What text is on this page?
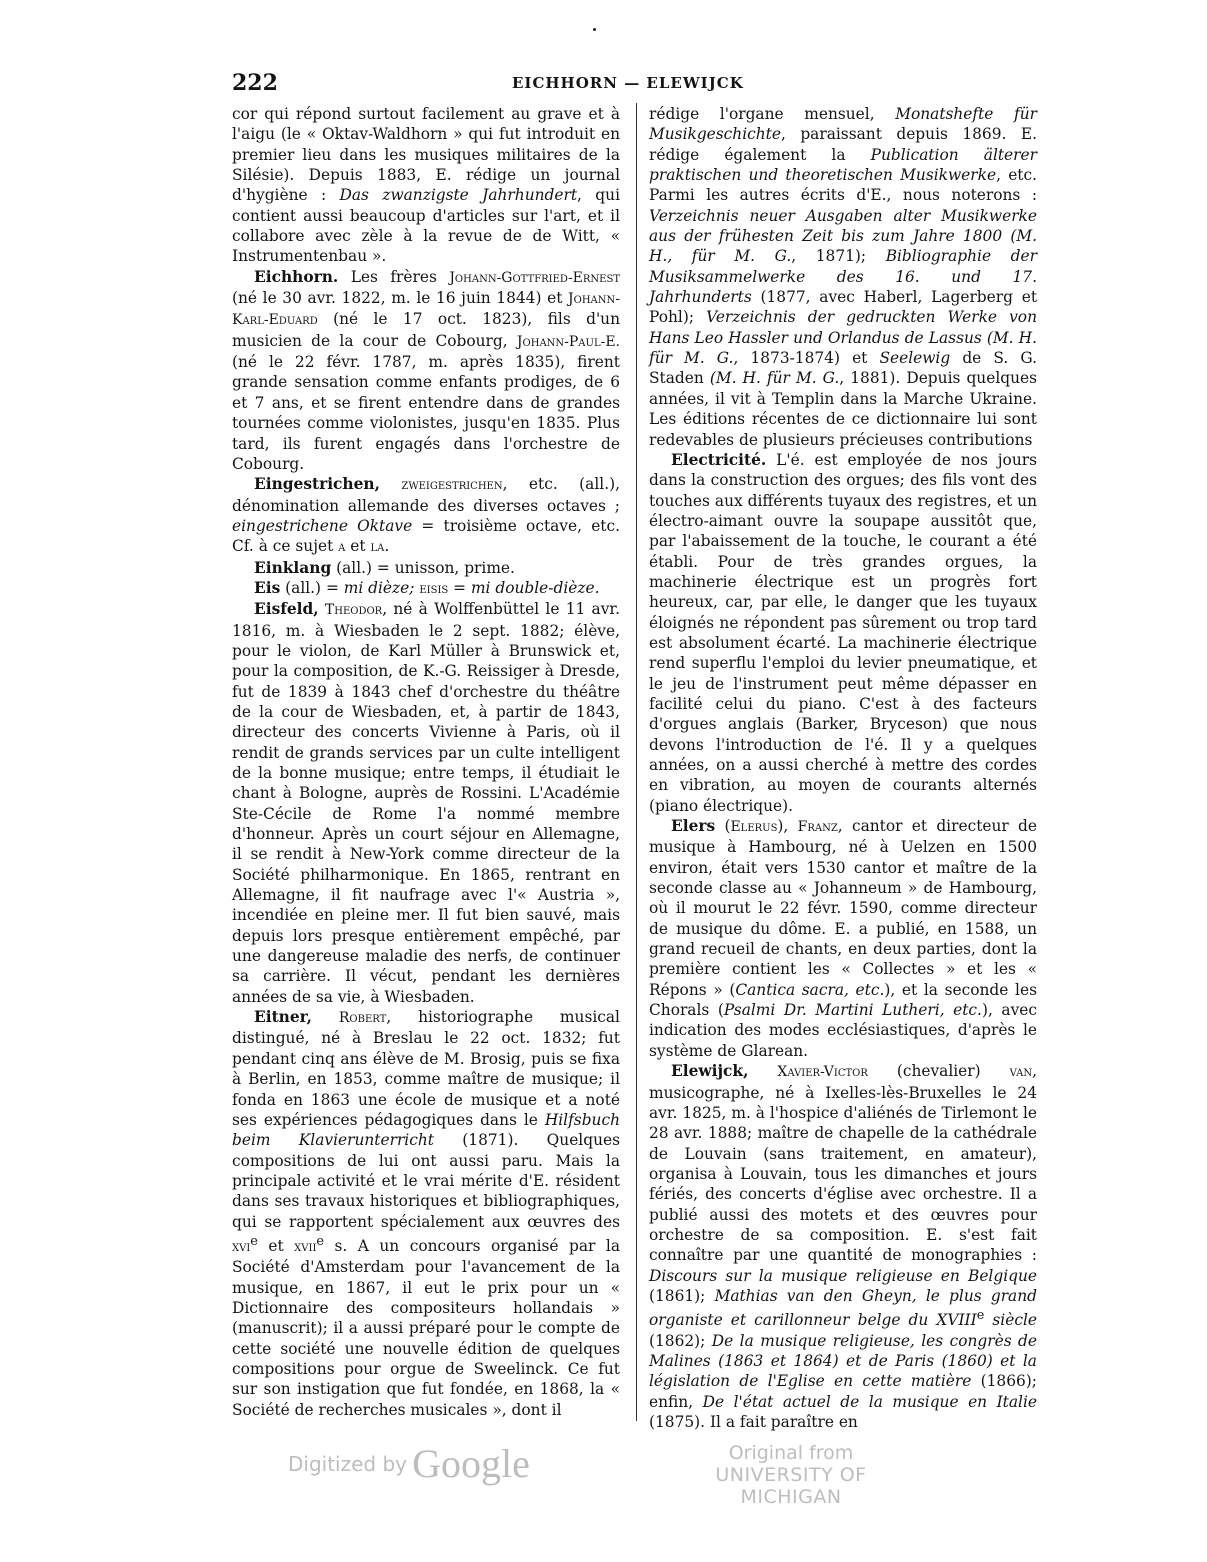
222	EICHHORN — ELEWIJCK

cor qui répond surtout facilement au grave et à l'aigu (le « Oktav-Waldhorn » qui fut introduit en premier lieu dans les musiques militaires de la Silésie). Depuis 1883, E. rédige un journal d'hygiène : Das zwanzigste Jahrhundert, qui contient aussi beaucoup d'articles sur l'art, et il collabore avec zèle à la revue de de Witt, « Instrumentenbau ».

Eichhorn. Les frères Johann-Gottfried-Ernest (né le 30 avr. 1822, m. le 16 juin 1844) et Johann-Karl-Eduard (né le 17 oct. 1823), fils d'un musicien de la cour de Cobourg, Johann-Paul-E. (né le 22 févr. 1787, m. après 1835), firent grande sensation comme enfants prodiges, de 6 et 7 ans, et se firent entendre dans de grandes tournées comme violonistes, jusqu'en 1835. Plus tard, ils furent engagés dans l'orchestre de Cobourg.

Eingestrichen, zweigestrichen, etc. (all.), dénomination allemande des diverses octaves ; eingestrichene Oktave = troisième octave, etc. Cf. à ce sujet a et la.

Einklang (all.) = unisson, prime.

Eis (all.) = mi dièze; eisis = mi double-dièze.

Eisfeld, Theodor, né à Wolffenbüttel le 11 avr. 1816, m. à Wiesbaden le 2 sept. 1882; élève, pour le violon, de Karl Müller à Brunswick et, pour la composition, de K.-G. Reissiger à Dresde, fut de 1839 à 1843 chef d'orchestre du théâtre de la cour de Wiesbaden, et, à partir de 1843, directeur des concerts Vivienne à Paris, où il rendit de grands services par un culte intelligent de la bonne musique; entre temps, il étudiait le chant à Bologne, auprès de Rossini. L'Académie Ste-Cécile de Rome l'a nommé membre d'honneur. Après un court séjour en Allemagne, il se rendit à New-York comme directeur de la Société philharmonique. En 1865, rentrant en Allemagne, il fit naufrage avec l'« Austria », incendiée en pleine mer. Il fut bien sauvé, mais depuis lors presque entièrement empêché, par une dangereuse maladie des nerfs, de continuer sa carrière. Il vécut, pendant les dernières années de sa vie, à Wiesbaden.

Eitner, Robert, historiographe musical distingué, né à Breslau le 22 oct. 1832; fut pendant cinq ans élève de M. Brosig, puis se fixa à Berlin, en 1853, comme maître de musique; il fonda en 1863 une école de musique et a noté ses expériences pédagogiques dans le Hilfsbuch beim Klavierunterricht (1871). Quelques compositions de lui ont aussi paru. Mais la principale activité et le vrai mérite d'E. résident dans ses travaux historiques et bibliographiques, qui se rapportent spécialement aux œuvres des xvi$^e$ et xvii$^e$ s. A un concours organisé par la Société d'Amsterdam pour l'avancement de la musique, en 1867, il eut le prix pour un « Dictionnaire des compositeurs hollandais » (manuscrit); il a aussi préparé pour le compte de cette société une nouvelle édition de quelques compositions pour orgue de Sweelinck. Ce fut sur son instigation que fut fondée, en 1868, la « Société de recherches musicales », dont il

rédige l'organe mensuel, Monatshefte für Musikgeschichte, paraissant depuis 1869. E. rédige également la Publication älterer praktischen und theoretischen Musikwerke, etc. Parmi les autres écrits d'E., nous noterons : Verzeichnis neuer Ausgaben alter Musikwerke aus der frühesten Zeit bis zum Jahre 1800 (M. H., für M. G., 1871); Bibliographie der Musiksammelwerke des 16. und 17. Jahrhunderts (1877, avec Haberl, Lagerberg et Pohl); Verzeichnis der gedruckten Werke von Hans Leo Hassler und Orlandus de Lassus (M. H. für M. G., 1873-1874) et Seelewig de S. G. Staden (M. H. für M. G., 1881). Depuis quelques années, il vit à Templin dans la Marche Ukraine. Les éditions récentes de ce dictionnaire lui sont redevables de plusieurs précieuses contributions

Electricité. L'é. est employée de nos jours dans la construction des orgues; des fils vont des touches aux différents tuyaux des registres, et un électro-aimant ouvre la soupape aussitôt que, par l'abaissement de la touche, le courant a été établi. Pour de très grandes orgues, la machinerie électrique est un progrès fort heureux, car, par elle, le danger que les tuyaux éloignés ne répondent pas sûrement ou trop tard est absolument écarté. La machinerie électrique rend superflu l'emploi du levier pneumatique, et le jeu de l'instrument peut même dépasser en facilité celui du piano. C'est à des facteurs d'orgues anglais (Barker, Bryceson) que nous devons l'introduction de l'é. Il y a quelques années, on a aussi cherché à mettre des cordes en vibration, au moyen de courants alternés (piano électrique).

Elers (Elerus), Franz, cantor et directeur de musique à Hambourg, né à Uelzen en 1500 environ, était vers 1530 cantor et maître de la seconde classe au « Johanneum » de Hambourg, où il mourut le 22 févr. 1590, comme directeur de musique du dôme. E. a publié, en 1588, un grand recueil de chants, en deux parties, dont la première contient les « Collectes » et les « Répons » (Cantica sacra, etc.), et la seconde les Chorals (Psalmi Dr. Martini Lutheri, etc.), avec indication des modes ecclésiastiques, d'après le système de Glarean.

Elewijck, Xavier-Victor (chevalier) van, musicographe, né à Ixelles-lès-Bruxelles le 24 avr. 1825, m. à l'hospice d'aliénés de Tirlemont le 28 avr. 1888; maître de chapelle de la cathédrale de Louvain (sans traitement, en amateur), organisa à Louvain, tous les dimanches et jours fériés, des concerts d'église avec orchestre. Il a publié aussi des motets et des œuvres pour orchestre de sa composition. E. s'est fait connaître par une quantité de monographies : Discours sur la musique religieuse en Belgique (1861); Mathias van den Gheyn, le plus grand organiste et carillonneur belge du XVIIIe siècle (1862); De la musique religieuse, les congrès de Malines (1863 et 1864) et de Paris (1860) et la législation de l'Eglise en cette matière (1866); enfin, De l'état actuel de la musique en Italie (1875). Il a fait paraître en

Digitized by Google	Original from
UNIVERSITY OF MICHIGAN
